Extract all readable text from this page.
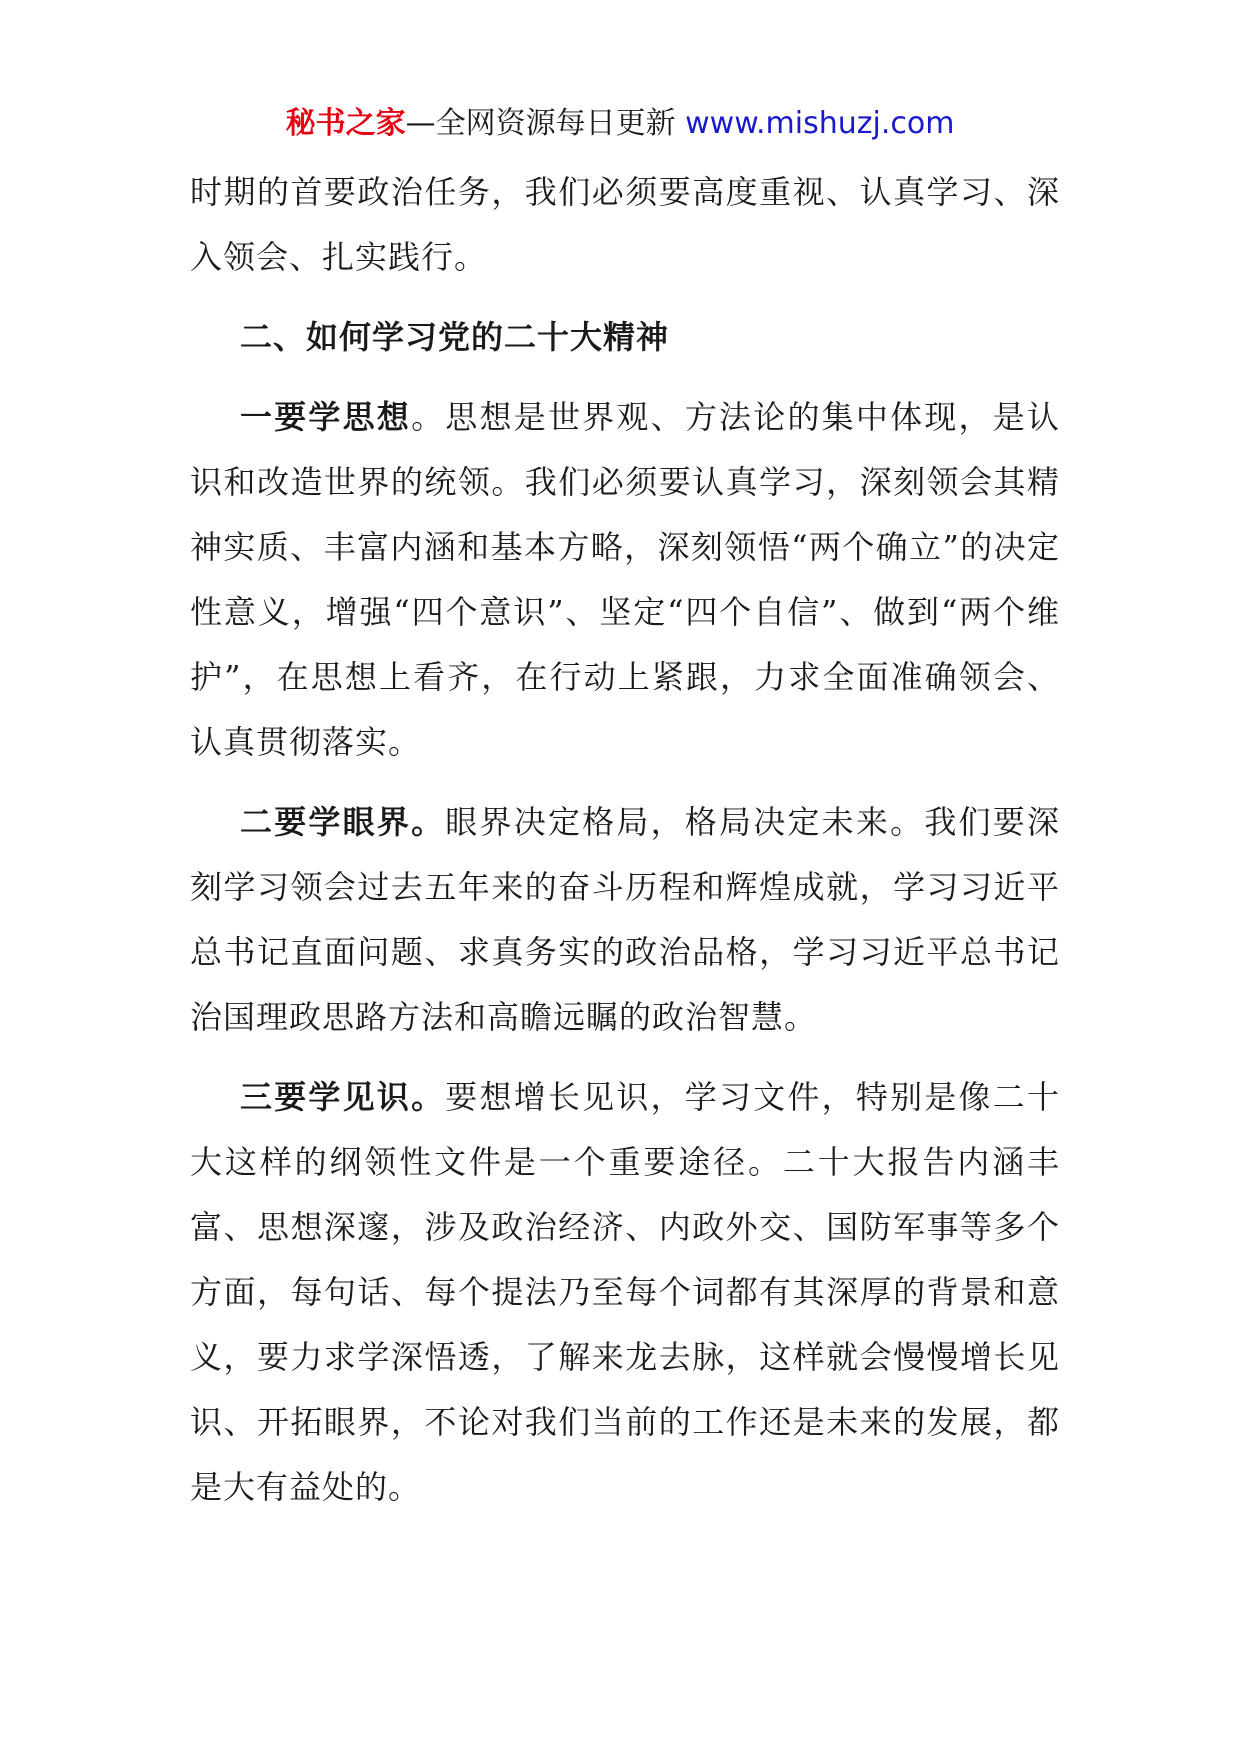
秘书之家—全网资源每日更新 www.mishuzj.com

时期的首要政治任务，我们必须要高度重视、认真学习、深入领会、扎实践行。

二、如何学习党的二十大精神

一要学思想。思想是世界观、方法论的集中体现，是认识和改造世界的统领。我们必须要认真学习，深刻领会其精神实质、丰富内涵和基本方略，深刻领悟“两个确立”的决定性意义，增强“四个意识”、坚定“四个自信”、做到“两个维护”，在思想上看齐，在行动上紧跟，力求全面准确领会、认真贯彻落实。

二要学眼界。眼界决定格局，格局决定未来。我们要深刻学习领会过去五年来的奋斗历程和辉煌成就，学习习近平总书记直面问题、求真务实的政治品格，学习习近平总书记治国理政思路方法和高瞻远瞩的政治智慧。

三要学见识。要想增长见识，学习文件，特别是像二十大这样的纲领性文件是一个重要途径。二十大报告内涵丰富、思想深邃，涉及政治经济、内政外交、国防军事等多个方面，每句话、每个提法乃至每个词都有其深厚的背景和意义，要力求学深悟透，了解来龙去脉，这样就会慢慢增长见识、开拓眼界，不论对我们当前的工作还是未来的发展，都是大有益处的。
